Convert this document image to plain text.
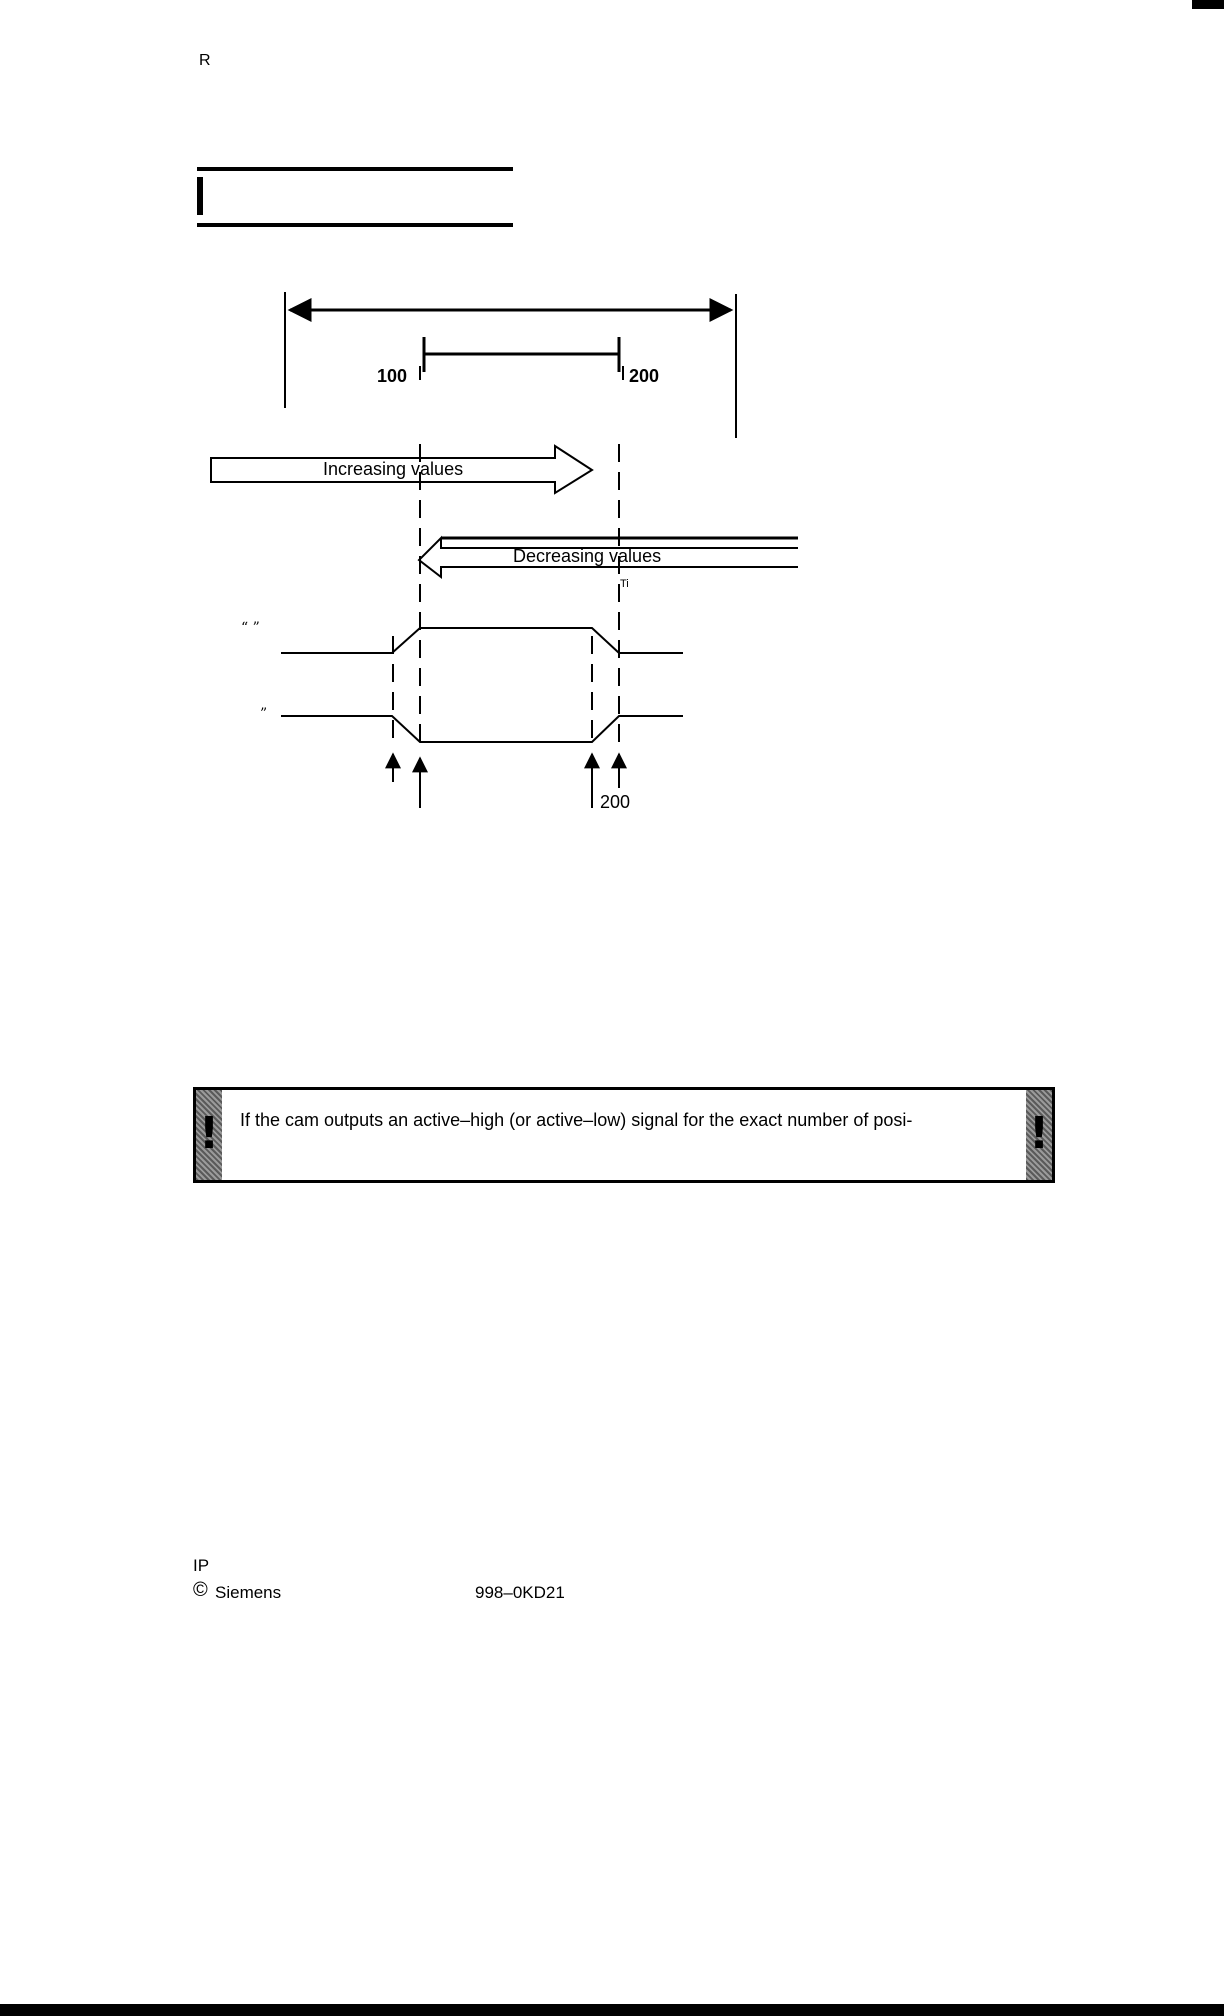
R
100	200
Increasing values
Decreasing values
Ti
“ ”
”
200
! If the cam outputs an active–high (or active–low) signal for the exact number of posi-	!
IP
© Siemens	998–0KD21
